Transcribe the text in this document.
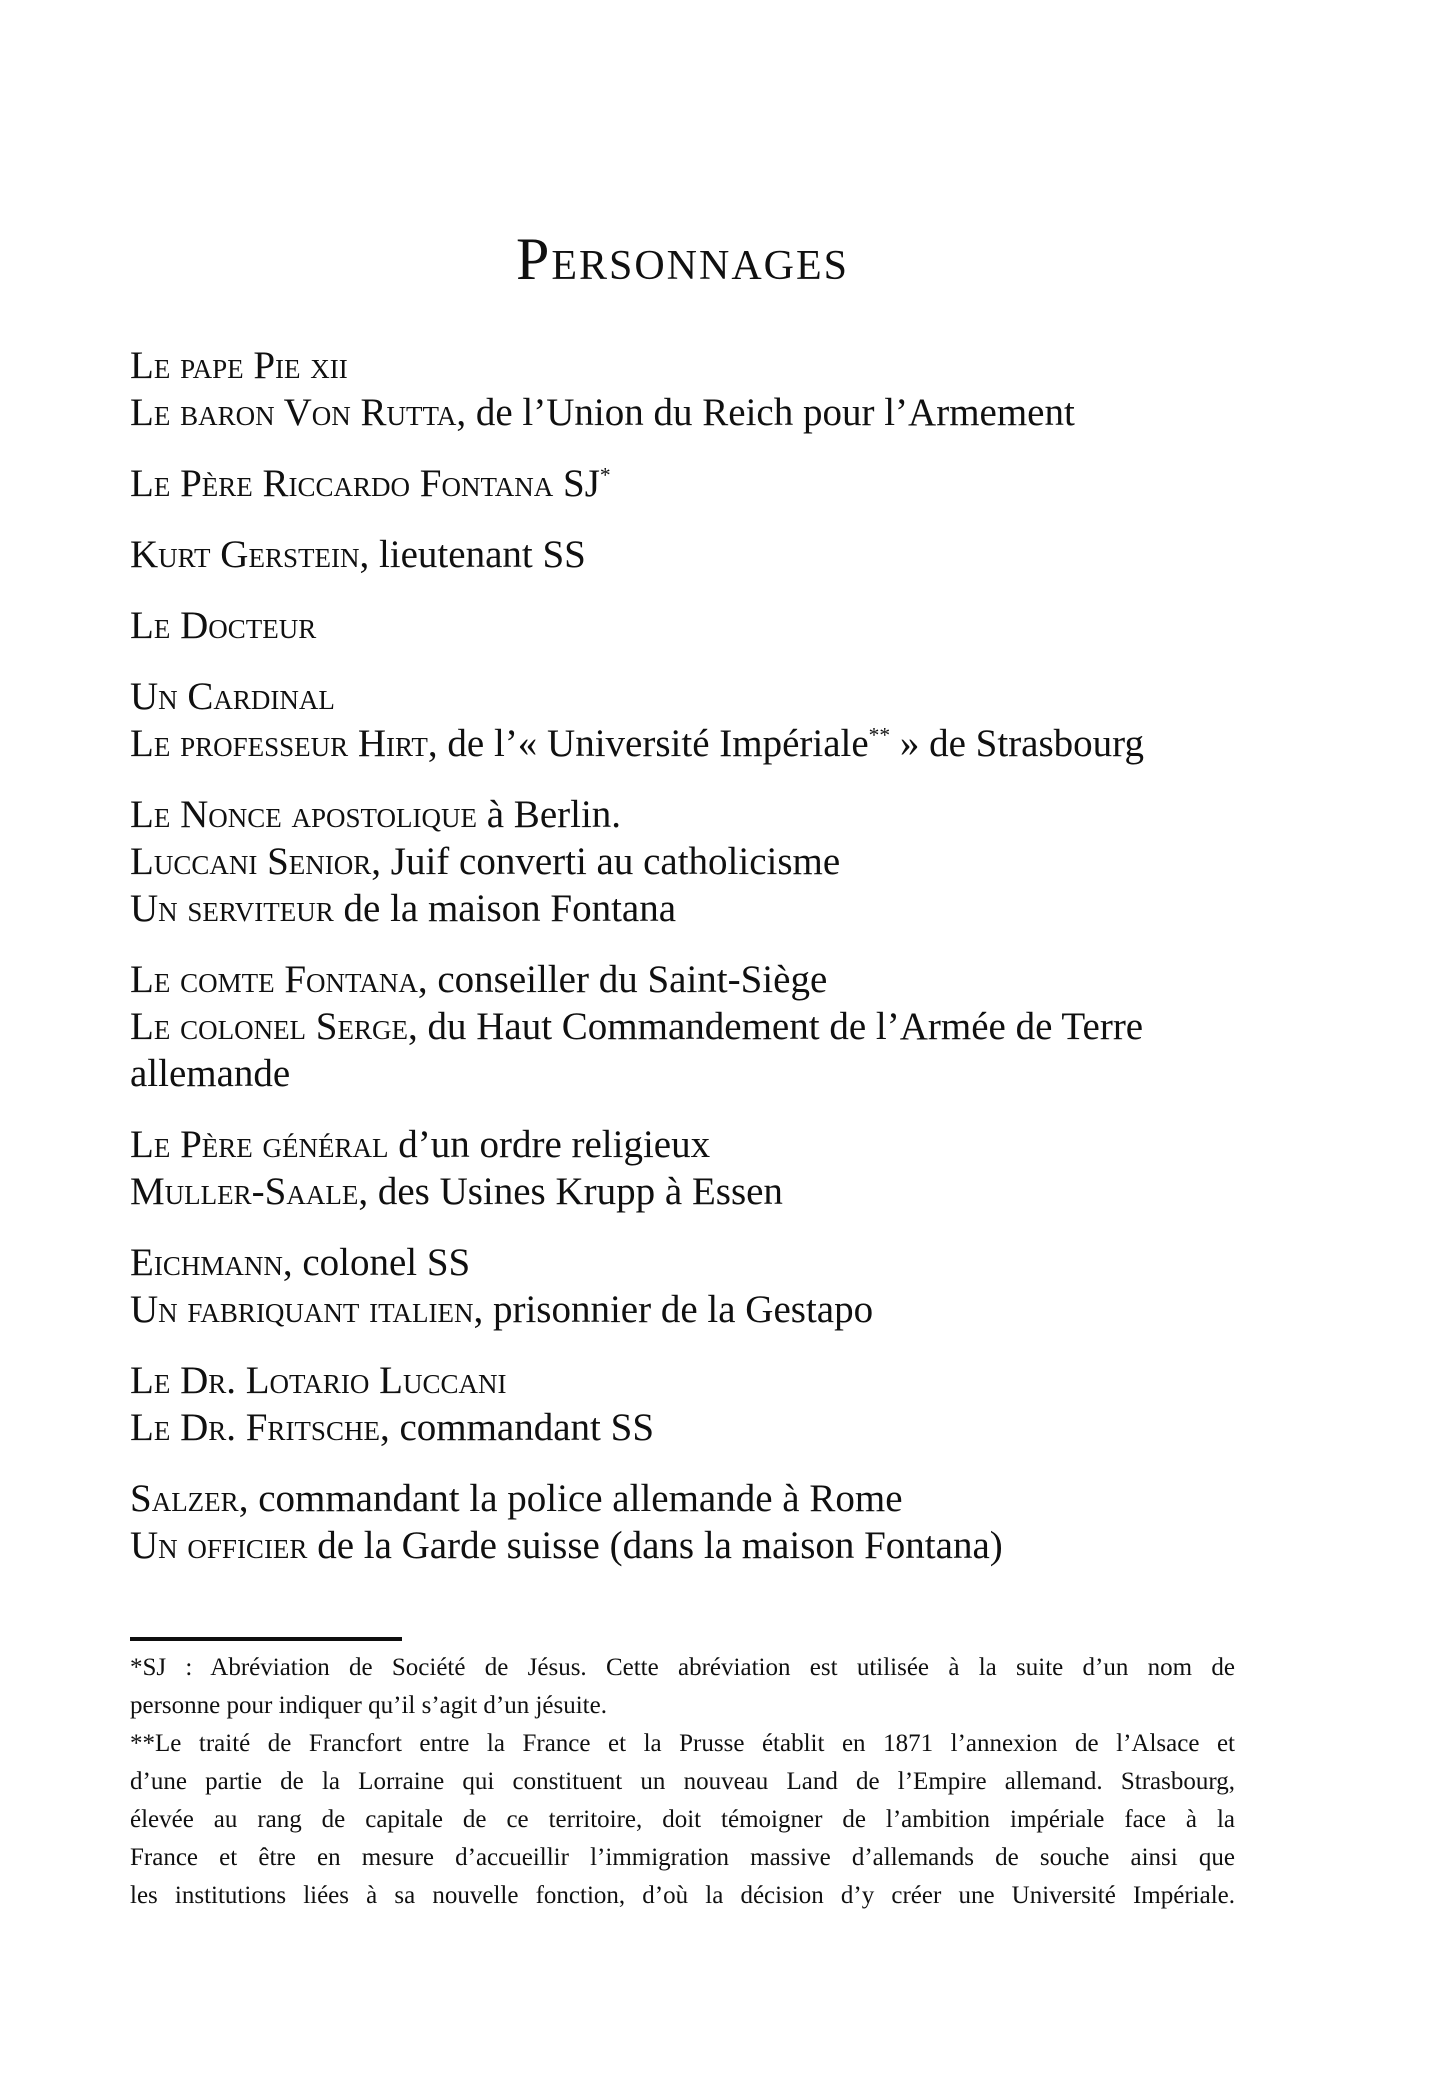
Personnages
Le pape Pie xii
Le baron Von Rutta, de l’Union du Reich pour l’Armement
Le Père Riccardo Fontana SJ*
Kurt Gerstein, lieutenant SS
Le Docteur
Un Cardinal
Le professeur Hirt, de l’« Université Impériale** » de Strasbourg
Le Nonce apostolique à Berlin.
Luccani Senior, Juif converti au catholicisme
Un serviteur de la maison Fontana
Le comte Fontana, conseiller du Saint-Siège
Le colonel Serge, du Haut Commandement de l’Armée de Terre
allemande
Le Père général d’un ordre religieux
Muller-Saale, des Usines Krupp à Essen
Eichmann, colonel SS
Un fabriquant italien, prisonnier de la Gestapo
Le Dr. Lotario Luccani
Le Dr. Fritsche, commandant SS
Salzer, commandant la police allemande à Rome
Un officier de la Garde suisse (dans la maison Fontana)
*SJ : Abréviation de Société de Jésus. Cette abréviation est utilisée à la suite d’un nom de
personne pour indiquer qu’il s’agit d’un jésuite.
**Le traité de Francfort entre la France et la Prusse établit en 1871 l’annexion de l’Alsace et
d’une partie de la Lorraine qui constituent un nouveau Land de l’Empire allemand. Strasbourg,
élevée au rang de capitale de ce territoire, doit témoigner de l’ambition impériale face à la
France et être en mesure d’accueillir l’immigration massive d’allemands de souche ainsi que
les institutions liées à sa nouvelle fonction, d’où la décision d’y créer une Université Impériale.
